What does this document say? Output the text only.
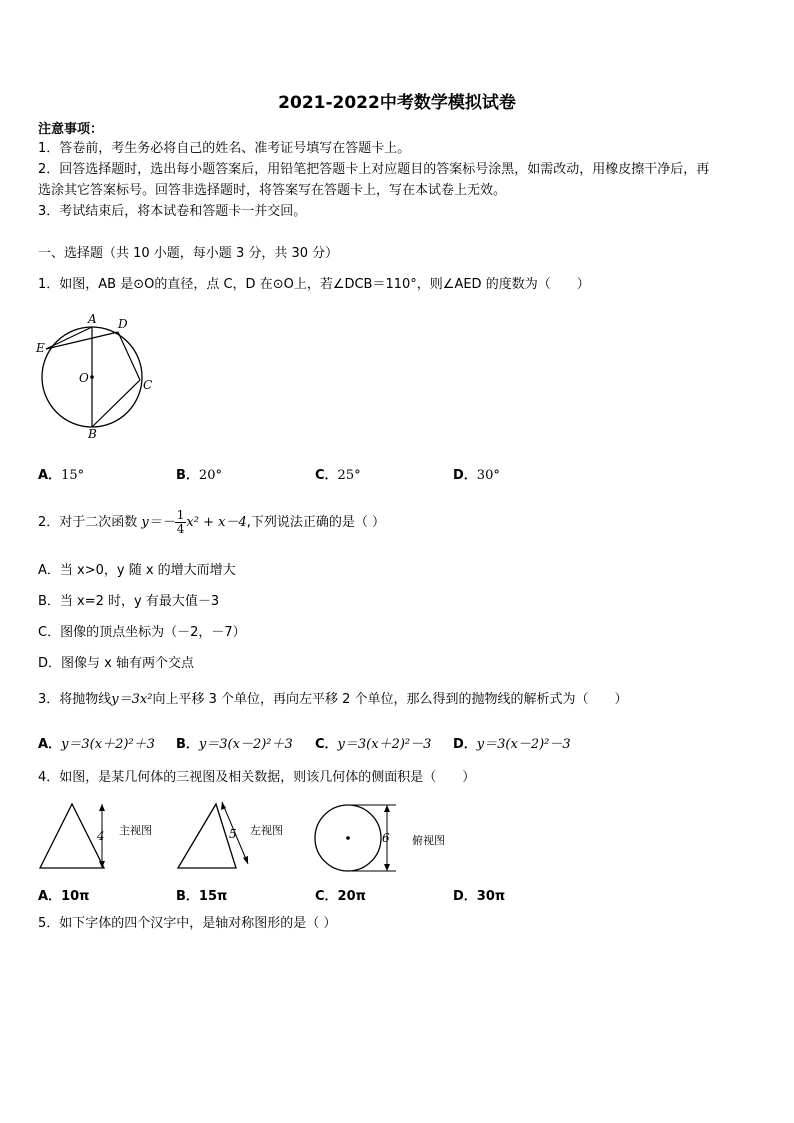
2021-2022中考数学模拟试卷
注意事项：
1．答卷前，考生务必将自己的姓名、准考证号填写在答题卡上。
2．回答选择题时，选出每小题答案后，用铅笔把答题卡上对应题目的答案标号涂黑，如需改动，用橡皮擦干净后，再
选涂其它答案标号。回答非选择题时，将答案写在答题卡上，写在本试卷上无效。
3．考试结束后，将本试卷和答题卡一并交回。
一、选择题（共 10 小题，每小题 3 分，共 30 分）
1．如图，AB 是⊙O的直径，点 C，D 在⊙O上，若∠DCB＝110°，则∠AED 的度数为（　　）
A D
E
O	C
B
A．15°	B．20°	C．25°	D．30°
2．对于二次函数 $y=- \frac{1}{4} x^2 + x-4$,下列说法正确的是（ ）
A．当 x>0，y 随 x 的增大而增大
B．当 x=2 时，y 有最大值－3
C．图像的顶点坐标为（－2，－7）
D．图像与 x 轴有两个交点
3．将抛物线y＝3x²向上平移 3 个单位，再向左平移 2 个单位，那么得到的抛物线的解析式为（　　）
A．y＝3(x＋2)²＋3 B．y＝3(x－2)²＋3 C．y＝3(x＋2)²－3 D．y＝3(x－2)²－3
4．如图，是某几何体的三视图及相关数据，则该几何体的侧面积是（　　）
4 主视图	5 左视图
6 俯视图
A．10π	B．15π	C．20π	D．30π
5．如下字体的四个汉字中，是轴对称图形的是（ ）
